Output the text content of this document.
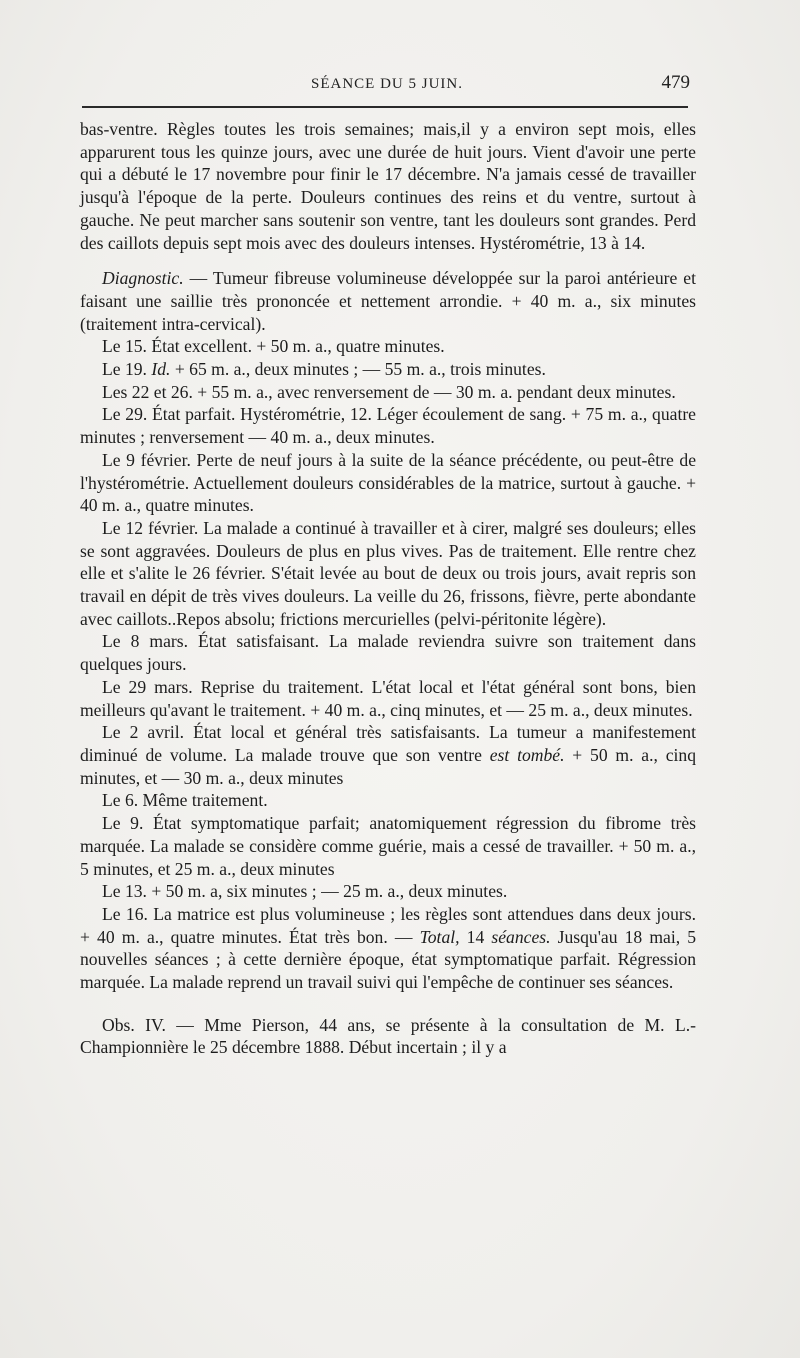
SÉANCE DU 5 JUIN.	479

bas-ventre. Règles toutes les trois semaines; mais,il y a environ sept mois, elles apparurent tous les quinze jours, avec une durée de huit jours. Vient d'avoir une perte qui a débuté le 17 novembre pour finir le 17 décembre. N'a jamais cessé de travailler jusqu'à l'époque de la perte. Douleurs continues des reins et du ventre, surtout à gauche. Ne peut marcher sans soutenir son ventre, tant les douleurs sont grandes. Perd des caillots depuis sept mois avec des douleurs intenses. Hystérométrie, 13 à 14.

Diagnostic. — Tumeur fibreuse volumineuse développée sur la paroi antérieure et faisant une saillie très prononcée et nettement arrondie. + 40 m. a., six minutes (traitement intra-cervical).

Le 15. État excellent. + 50 m. a., quatre minutes.

Le 19. Id. + 65 m. a., deux minutes ; — 55 m. a., trois minutes.

Les 22 et 26. + 55 m. a., avec renversement de — 30 m. a. pendant deux minutes.

Le 29. État parfait. Hystérométrie, 12. Léger écoulement de sang. + 75 m. a., quatre minutes ; renversement — 40 m. a., deux minutes.

Le 9 février. Perte de neuf jours à la suite de la séance précédente, ou peut-être de l'hystérométrie. Actuellement douleurs considérables de la matrice, surtout à gauche. + 40 m. a., quatre minutes.

Le 12 février. La malade a continué à travailler et à cirer, malgré ses douleurs; elles se sont aggravées. Douleurs de plus en plus vives. Pas de traitement. Elle rentre chez elle et s'alite le 26 février. S'était levée au bout de deux ou trois jours, avait repris son travail en dépit de très vives douleurs. La veille du 26, frissons, fièvre, perte abondante avec caillots..Repos absolu; frictions mercurielles (pelvi-péritonite légère).

Le 8 mars. État satisfaisant. La malade reviendra suivre son traitement dans quelques jours.

Le 29 mars. Reprise du traitement. L'état local et l'état général sont bons, bien meilleurs qu'avant le traitement. + 40 m. a., cinq minutes, et — 25 m. a., deux minutes.

Le 2 avril. État local et général très satisfaisants. La tumeur a manifestement diminué de volume. La malade trouve que son ventre est tombé. + 50 m. a., cinq minutes, et — 30 m. a., deux minutes

Le 6. Même traitement.

Le 9. État symptomatique parfait; anatomiquement régression du fibrome très marquée. La malade se considère comme guérie, mais a cessé de travailler. + 50 m. a., 5 minutes, et 25 m. a., deux minutes

Le 13. + 50 m. a, six minutes ; — 25 m. a., deux minutes.

Le 16. La matrice est plus volumineuse ; les règles sont attendues dans deux jours. + 40 m. a., quatre minutes. État très bon. — Total, 14 séances. Jusqu'au 18 mai, 5 nouvelles séances ; à cette dernière époque, état symptomatique parfait. Régression marquée. La malade reprend un travail suivi qui l'empêche de continuer ses séances.

Obs. IV. — Mme Pierson, 44 ans, se présente à la consultation de M. L.-Championnière le 25 décembre 1888. Début incertain ; il y a
